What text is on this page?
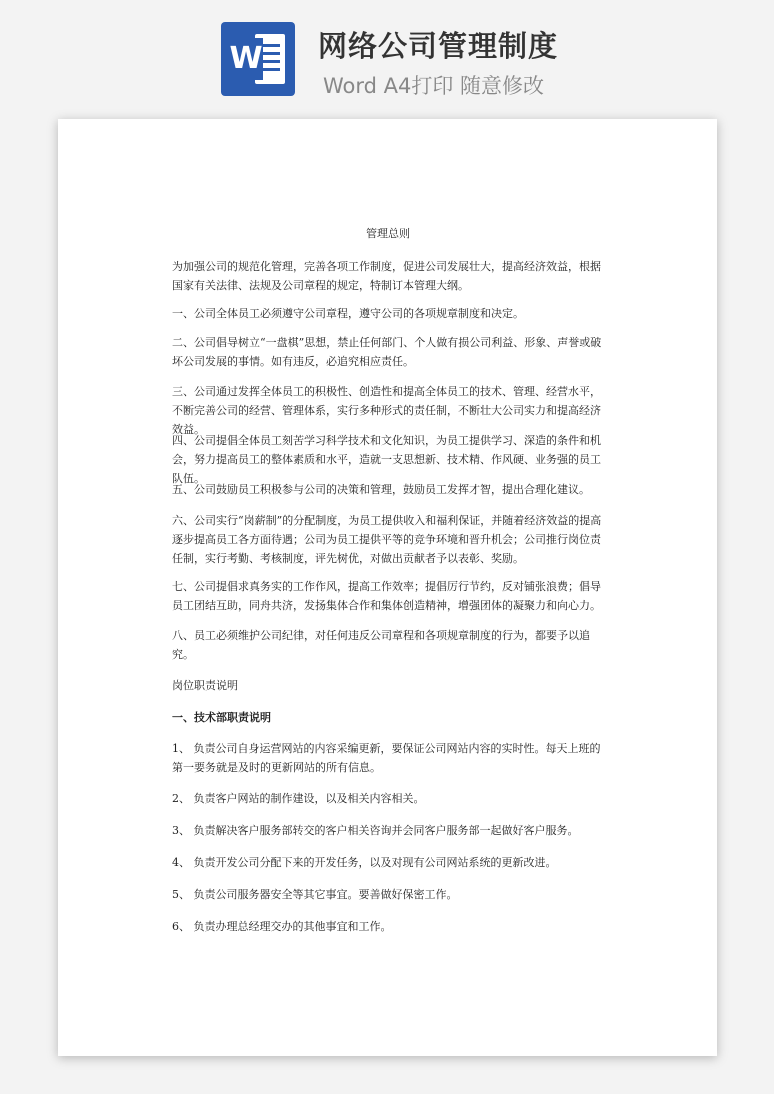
W 网络公司管理制度
Word A4打印 随意修改

管理总则

为加强公司的规范化管理，完善各项工作制度，促进公司发展壮大，提高经济效益，根据国家有关法律、法规及公司章程的规定，特制订本管理大纲。

一、公司全体员工必须遵守公司章程，遵守公司的各项规章制度和决定。

二、公司倡导树立“一盘棋”思想，禁止任何部门、个人做有损公司利益、形象、声誉或破坏公司发展的事情。如有违反，必追究相应责任。

三、公司通过发挥全体员工的积极性、创造性和提高全体员工的技术、管理、经营水平，不断完善公司的经营、管理体系，实行多种形式的责任制，不断壮大公司实力和提高经济效益。

四、公司提倡全体员工刻苦学习科学技术和文化知识，为员工提供学习、深造的条件和机会，努力提高员工的整体素质和水平，造就一支思想新、技术精、作风硬、业务强的员工队伍。

五、公司鼓励员工积极参与公司的决策和管理，鼓励员工发挥才智，提出合理化建议。

六、公司实行“岗薪制”的分配制度，为员工提供收入和福利保证，并随着经济效益的提高逐步提高员工各方面待遇；公司为员工提供平等的竞争环境和晋升机会；公司推行岗位责任制，实行考勤、考核制度，评先树优，对做出贡献者予以表彰、奖励。

七、公司提倡求真务实的工作作风，提高工作效率；提倡厉行节约，反对铺张浪费；倡导员工团结互助，同舟共济，发扬集体合作和集体创造精神，增强团体的凝聚力和向心力。

八、员工必须维护公司纪律，对任何违反公司章程和各项规章制度的行为，都要予以追究。

岗位职责说明

一、技术部职责说明

1、 负责公司自身运营网站的内容采编更新，要保证公司网站内容的实时性。每天上班的第一要务就是及时的更新网站的所有信息。

2、 负责客户网站的制作建设，以及相关内容相关。

3、 负责解决客户服务部转交的客户相关咨询并会同客户服务部一起做好客户服务。

4、 负责开发公司分配下来的开发任务，以及对现有公司网站系统的更新改进。

5、 负责公司服务器安全等其它事宜。要善做好保密工作。

6、 负责办理总经理交办的其他事宜和工作。
